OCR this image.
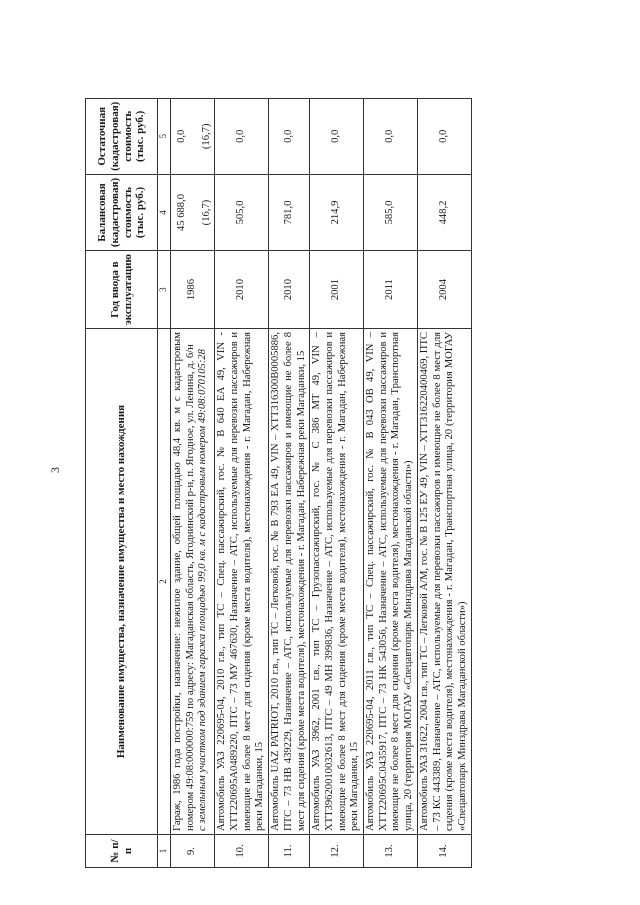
3
№ п/п	Наименование имущества, назначение имущества и место нахождения	Год ввода в эксплуатацию	Балансовая (кадастровая) стоимость (тыс. руб.)	Остаточная (кадастровая) стоимость (тыс. руб.)
1	2	3	4	5
9.	Гараж, 1986 года постройки, назначение: нежилое здание, общей площадью 48,4 кв. м с кадастровым номером 49:08:000000:759 по адресу: Магаданская область, Ягоднинский р-н, п. Ягодное, ул. Ленина, д. 6/н с земельным участком под зданием гаража площадью 99,0 кв. м с кадастровым номером 49:08:070105:28	1986	45 688,0 (16,7)	0,0 (16,7)

10.	Автомобиль УАЗ 220695-04, 2010 г.в., тип ТС – Спец. пассажирский, гос. № В 640 ЕА 49, VIN - XTT220695A0489220, ПТС – 73 МУ 467630, Назначение – АТС, используемые для перевозки пассажиров и имеющие не более 8 мест для сидения (кроме места водителя), местонахождения - г. Магадан, Набережная реки Магаданки, 15	2010	505,0	0,0
11.	Автомобиль UAZ PATRIOT, 2010 г.в., тип ТС – Легковой, гос. № В 793 ЕА 49, VIN – XTT316300B0005886, ПТС – 73 НВ 439229, Назначение – АТС, используемые для перевозки пассажиров и имеющие не более 8 мест для сидения (кроме места водителя), местонахождения - г. Магадан, Набережная реки Магаданки, 15	2010	781,0	0,0
12.	Автомобиль УАЗ 3962, 2001 г.в., тип ТС – Грузопассажирский, гос. № С 386 МТ 49, VIN – XTT39620010032613, ПТС – 49 МН 399836, Назначение – АТС, используемые для перевозки пассажиров и имеющие не более 8 мест для сидения (кроме места водителя), местонахождения - г. Магадан, Набережная реки Магаданки, 15	2001	214,9	0,0
13.	Автомобиль УАЗ 220695-04, 2011 г.в., тип ТС – Спец. пассажирский, гос. № В 043 ОВ 49, VIN – XTT220695C0435917, ПТС – 73 НК 543056, Назначение – АТС, используемые для перевозки пассажиров и имеющие не более 8 мест для сидения (кроме места водителя), местонахождения - г. Магадан, Транспортная улица, 20 (территория МОГАУ «Спецавтопарк Минздрава Магаданской области»)	2011	585,0	0,0
14.	Автомобиль УАЗ 31622, 2004 г.в., тип ТС – Легковой А/М, гос. № В 125 ЕУ 49, VIN – XTT316220400469, ПТС – 73 КС 443389, Назначение – АТС, используемые для перевозки пассажиров и имеющие не более 8 мест для сидения (кроме места водителя), местонахождения - г. Магадан, Транспортная улица, 20 (территория МОГАУ «Спецавтопарк Минздрава Магаданской области»)	2004	448,2	0,0
